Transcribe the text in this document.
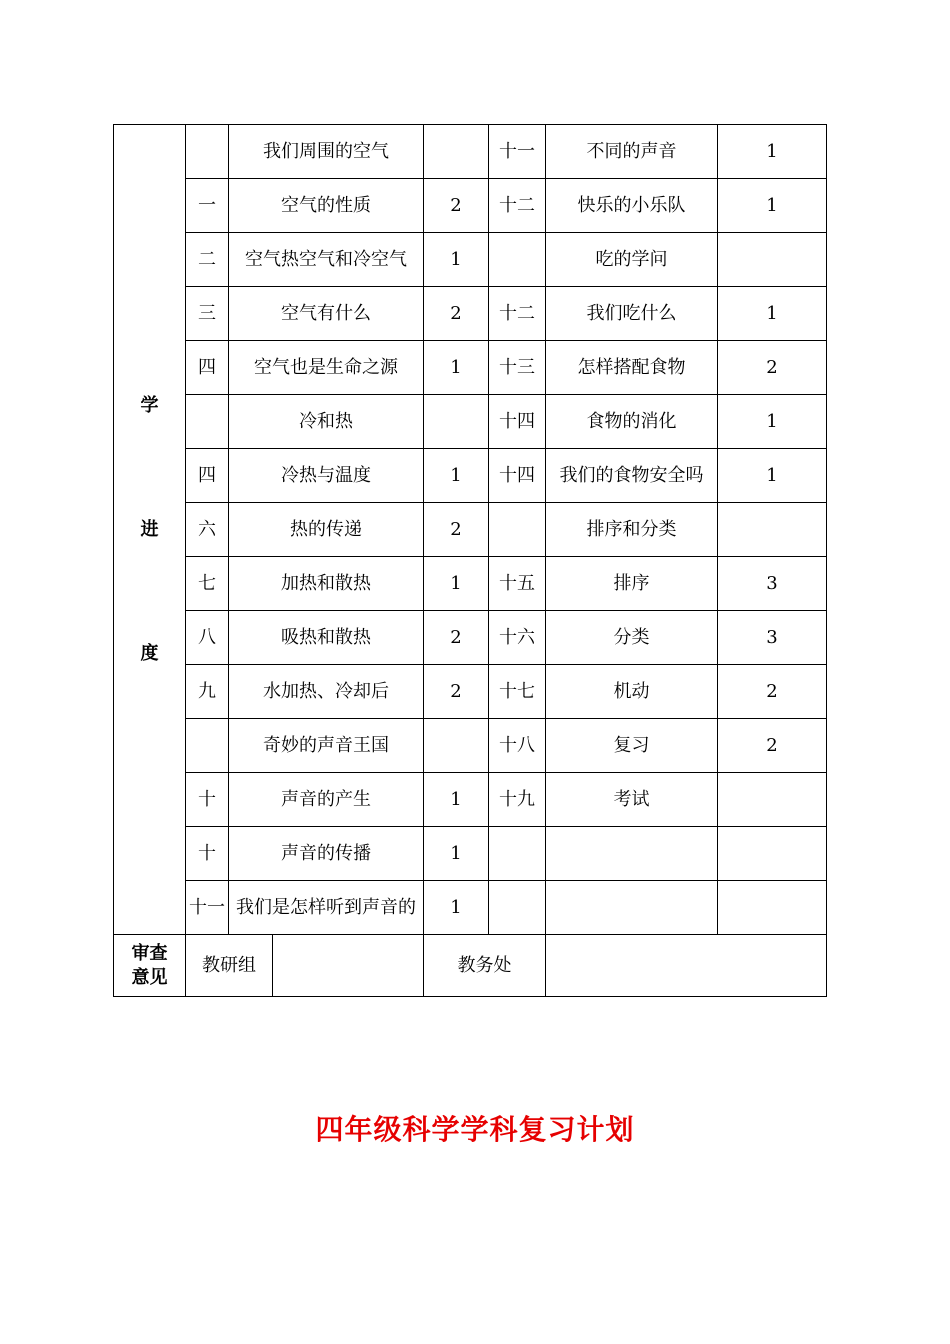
学
进
度		我们周围的空气			十一	不同的声音	1
	一	空气的性质		2	十二	快乐的小乐队	1
	二	空气热空气和冷空气		1		吃的学问	
	三	空气有什么		2	十二	我们吃什么	1
	四	空气也是生命之源		1	十三	怎样搭配食物	2
		冷和热			十四	食物的消化	1
	四	冷热与温度		1	十四	我们的食物安全吗	1
	六	热的传递		2		排序和分类	
	七	加热和散热		1	十五	排序	3
	八	吸热和散热		2	十六	分类	3
	九	水加热、冷却后		2	十七	机动	2
		奇妙的声音王国			十八	复习	2
	十	声音的产生		1	十九	考试	
	十	声音的传播		1			
	十一	我们是怎样听到声音的		1			

审查
意见	教研组			教务处			
四年级科学学科复习计划
